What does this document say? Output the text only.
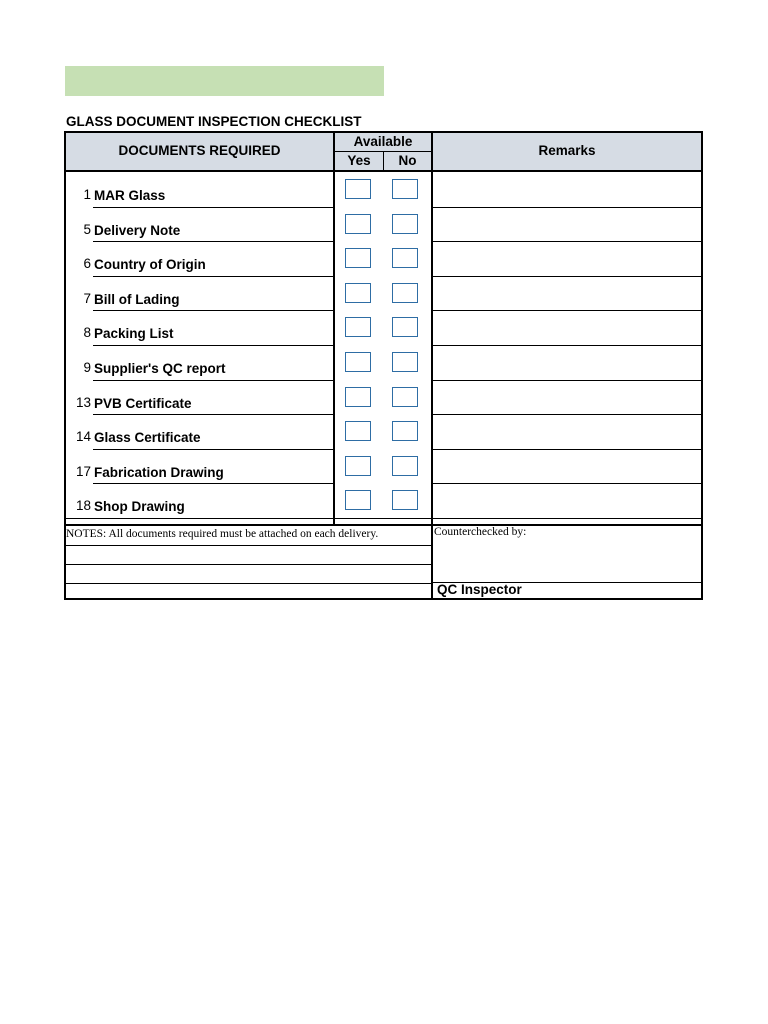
GLASS DOCUMENT INSPECTION CHECKLIST
DOCUMENTS REQUIRED
Available
Yes	No
Remarks
1 MAR Glass
5 Delivery Note
6 Country of Origin
7 Bill of Lading
8 Packing List
9 Supplier's QC report
13 PVB Certificate
14 Glass Certificate
17 Fabrication Drawing
18 Shop Drawing
NOTES: All documents required must be attached on each delivery.	Counterchecked by:
QC Inspector
